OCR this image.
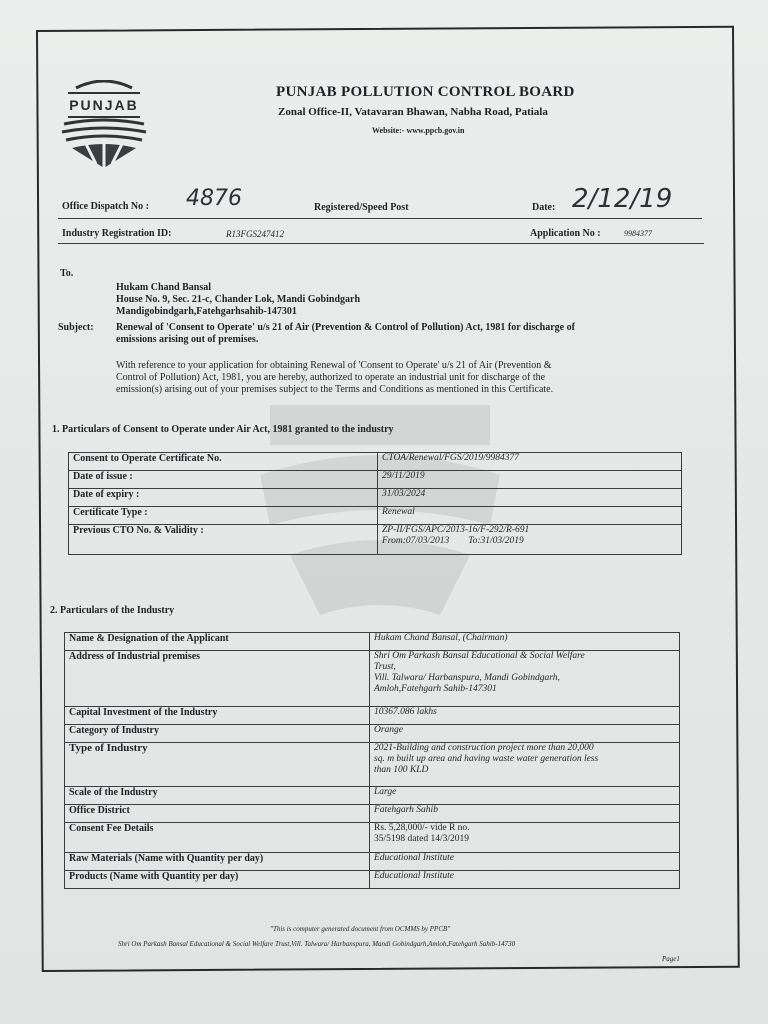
PUNJAB
PUNJAB POLLUTION CONTROL BOARD
Zonal Office-II, Vatavaran Bhawan, Nabha Road, Patiala
Website:- www.ppcb.gov.in
Office Dispatch No : 4876	Registered/Speed Post	Date: 2/12/19
Industry Registration ID:	R13FGS247412	Application No :	9984377
To.
Hukam Chand Bansal
House No. 9, Sec. 21-c, Chander Lok, Mandi Gobindgarh
Mandigobindgarh,Fatehgarhsahib-147301
Subject: Renewal of 'Consent to Operate' u/s 21 of Air (Prevention & Control of Pollution) Act, 1981 for discharge of
emissions arising out of premises.
With reference to your application for obtaining Renewal of 'Consent to Operate' u/s 21 of Air (Prevention &
Control of Pollution) Act, 1981, you are hereby, authorized to operate an industrial unit for discharge of the
emission(s) arising out of your premises subject to the Terms and Conditions as mentioned in this Certificate.
1. Particulars of Consent to Operate under Air Act, 1981 granted to the industry
Consent to Operate Certificate No.	CTOA/Renewal/FGS/2019/9984377
Date of issue :	29/11/2019
Date of expiry :	31/03/2024
Certificate Type :	Renewal
Previous CTO No. & Validity :	ZP-II/FGS/APC/2013-16/F-292/R-691
From:07/03/2013        To:31/03/2019
2. Particulars of the Industry
Name & Designation of the Applicant	Hukam Chand Bansal, (Chairman)

Address of Industrial premises	Shri Om Parkash Bansal Educational & Social Welfare
Trust,
Vill. Talwara/ Harbanspura, Mandi Gobindgarh,
Amloh,Fatehgarh Sahib-147301

Capital Investment of the Industry	10367.086 lakhs

Category of Industry	Orange

Type of Industry	2021-Building and construction project more than 20,000
sq. m built up area and having waste water generation less
than 100 KLD

Scale of the Industry	Large

Office District	Fatehgarh Sahib

Consent Fee Details	Rs. 5,28,000/- vide R no.
35/5198 dated 14/3/2019

Raw Materials (Name with Quantity per day)	Educational Institute

Products (Name with Quantity per day)	Educational Institute
"This is computer generated document from OCMMS by PPCB"
Shri Om Parkash Bansal Educational & Social Welfare Trust,Vill. Talwara/ Harbanspura, Mandi Gobindgarh,Amloh,Fatehgarh Sahib-14730
Page1
